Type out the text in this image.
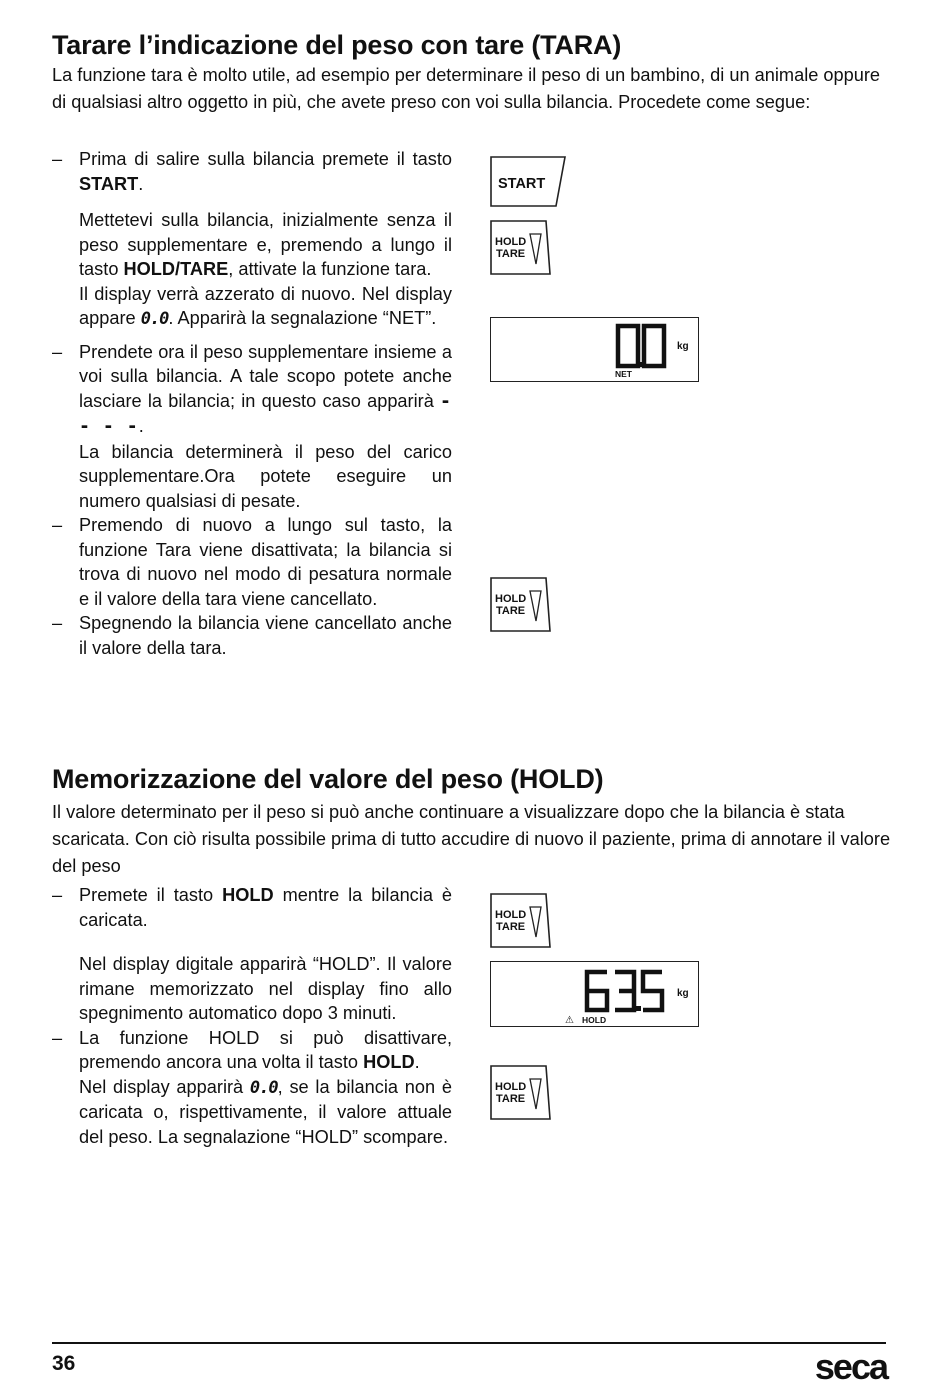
Tarare l’indicazione del peso con tare (TARA)

La funzione tara è molto utile, ad esempio per determinare il peso di un bambino, di un animale oppure di qualsiasi altro oggetto in più, che avete preso con voi sulla bilancia. Procedete come segue:

– Prima di salire sulla bilancia premete il tasto START.
Mettetevi sulla bilancia, inizialmente senza il peso supplementare e, premendo a lungo il tasto HOLD/TARE, attivate la funzione tara.
Il display verrà azzerato di nuovo. Nel display appare 0.0. Apparirà la segnalazione “NET”.
– Prendete ora il peso supplementare insieme a voi sulla bilancia. A tale scopo potete anche lasciare la bilancia; in questo caso apparirà - - - -.
La bilancia determinerà il peso del carico supplementare.Ora potete eseguire un numero qualsiasi di pesate.
– Premendo di nuovo a lungo sul tasto, la funzione Tara viene disattivata; la bilancia si trova di nuovo nel modo di pesatura normale e il valore della tara viene cancellato.
– Spegnendo la bilancia viene cancellato anche il valore della tara.
START
HOLD
TARE
kg
NET
HOLD
TARE
Memorizzazione del valore del peso (HOLD)

Il valore determinato per il peso si può anche continuare a visualizzare dopo che la bilancia è stata scaricata. Con ciò risulta possibile prima di tutto accudire di nuovo il paziente, prima di annotare il valore del peso

– Premete il tasto HOLD mentre la bilancia è caricata.
Nel display digitale apparirà “HOLD”. Il valore rimane memorizzato nel display fino allo spegnimento automatico dopo 3 minuti.
– La funzione HOLD si può disattivare, premendo ancora una volta il tasto HOLD.
Nel display apparirà 0.0, se la bilancia non è caricata o, rispettivamente, il valore attuale del peso. La segnalazione “HOLD” scompare.
HOLD
TARE
kg
⚠ HOLD
HOLD
TARE

36	seca
